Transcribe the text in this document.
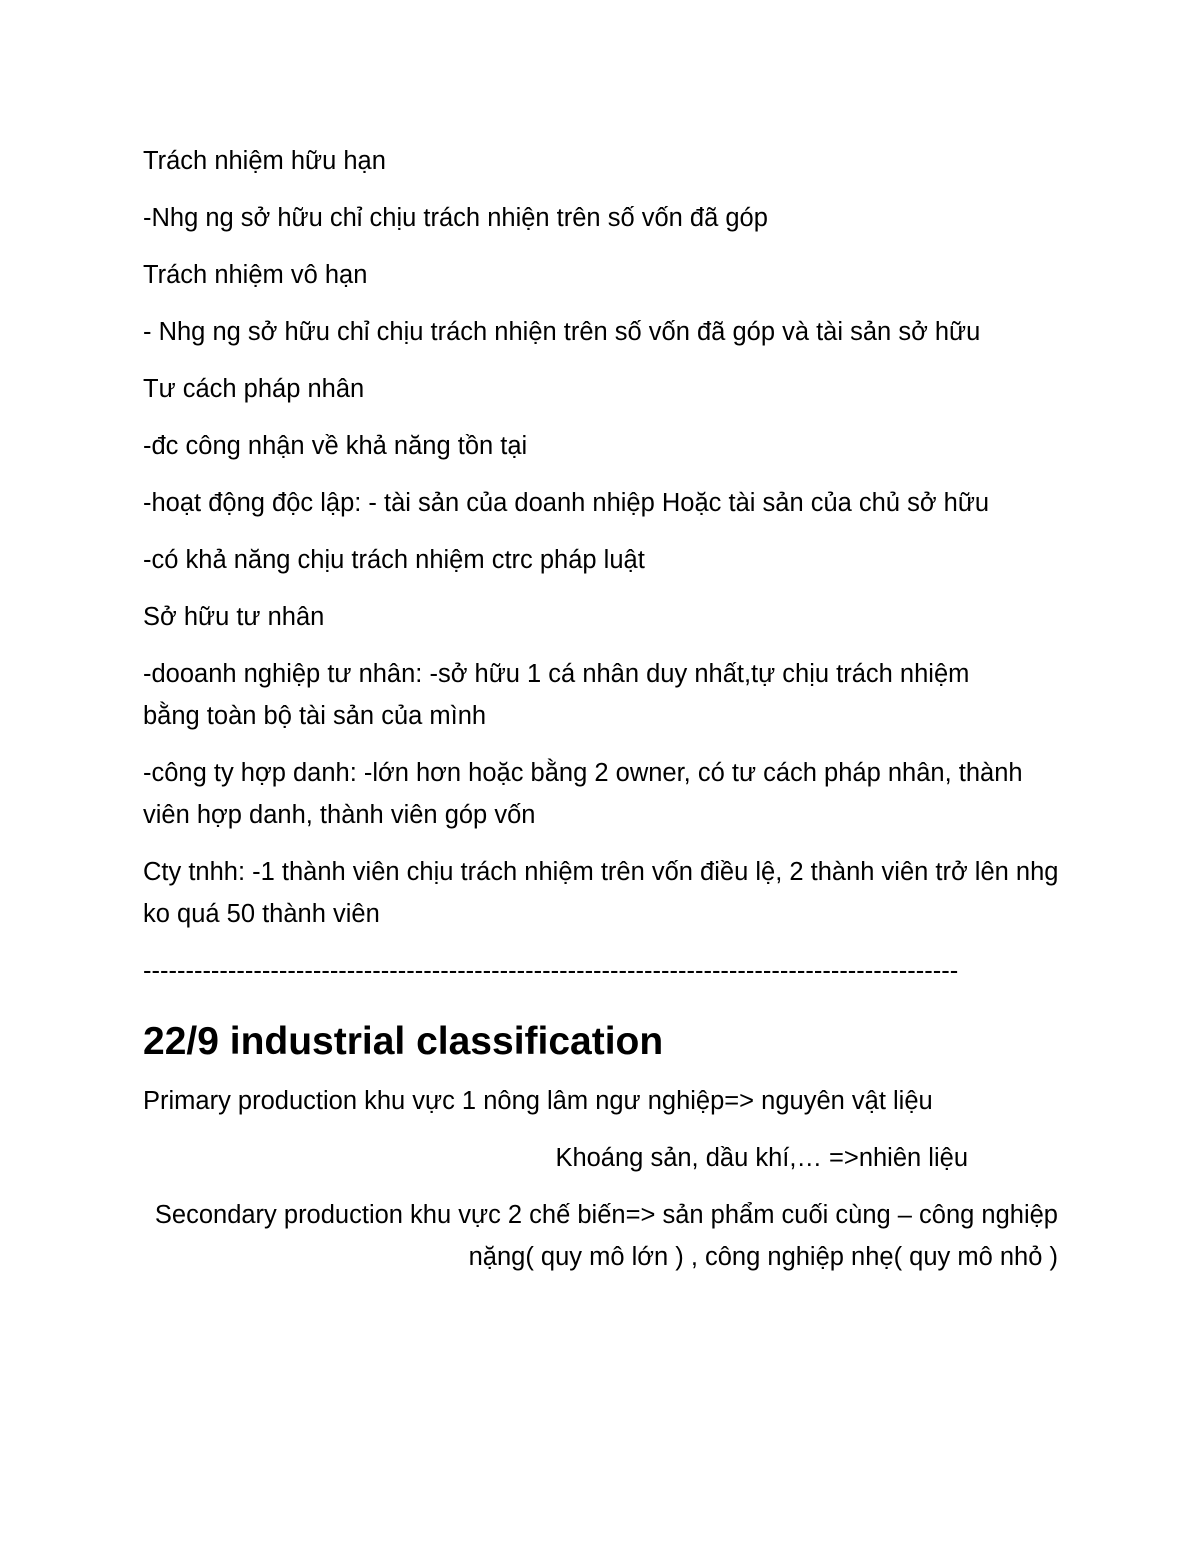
Trách nhiệm hữu hạn

-Nhg ng sở hữu chỉ chịu trách nhiện trên số vốn đã góp

Trách nhiệm vô hạn

- Nhg ng sở hữu chỉ chịu trách nhiện trên số vốn đã góp và tài sản sở hữu

Tư cách pháp nhân

-đc công nhận về khả năng tồn tại

-hoạt động độc lập: - tài sản của doanh nhiệp Hoặc tài sản của chủ sở hữu

-có khả năng chịu trách nhiệm ctrc pháp luật

Sở hữu tư nhân

-dooanh nghiệp tư nhân: -sở hữu 1 cá nhân duy nhất,tự chịu trách nhiệm bằng toàn bộ tài sản của mình

-công ty hợp danh: -lớn hơn hoặc bằng 2 owner, có tư cách pháp nhân, thành viên hợp danh, thành viên góp vốn

Cty tnhh: -1 thành viên chịu trách nhiệm trên vốn điều lệ, 2 thành viên trở lên nhg ko quá 50 thành viên

------------------------------------------------------------------------------------------------
22/9 industrial classification

Primary production khu vực 1 nông lâm ngư nghiệp=> nguyên vật liệu

Khoáng sản, dầu khí,… =>nhiên liệu

Secondary production khu vực 2 chế biến=> sản phẩm cuối cùng – công nghiệp nặng( quy mô lớn ) , công nghiệp nhẹ( quy mô nhỏ )
